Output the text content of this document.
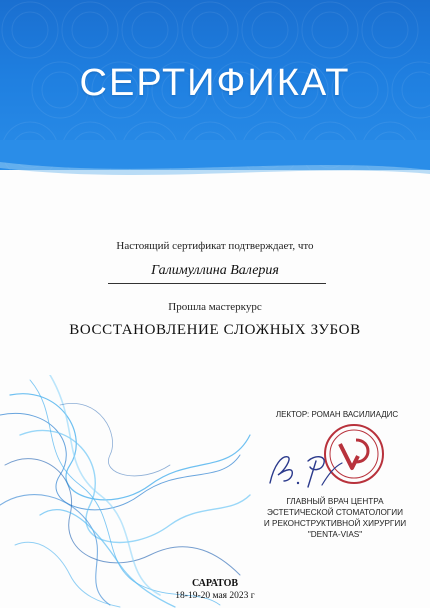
СЕРТИФИКАТ
Настоящий сертификат подтверждает, что
Галимуллина Валерия
Прошла мастеркурс
ВОССТАНОВЛЕНИЕ СЛОЖНЫХ ЗУБОВ
ЛЕКТОР: РОМАН ВАСИЛИАДИС
ГЛАВНЫЙ ВРАЧ ЦЕНТРА
ЭСТЕТИЧЕСКОЙ СТОМАТОЛОГИИ
И РЕКОНСТРУКТИВНОЙ ХИРУРГИИ
"DENTA-VIAS"
САРАТОВ
18-19-20 мая 2023 г
